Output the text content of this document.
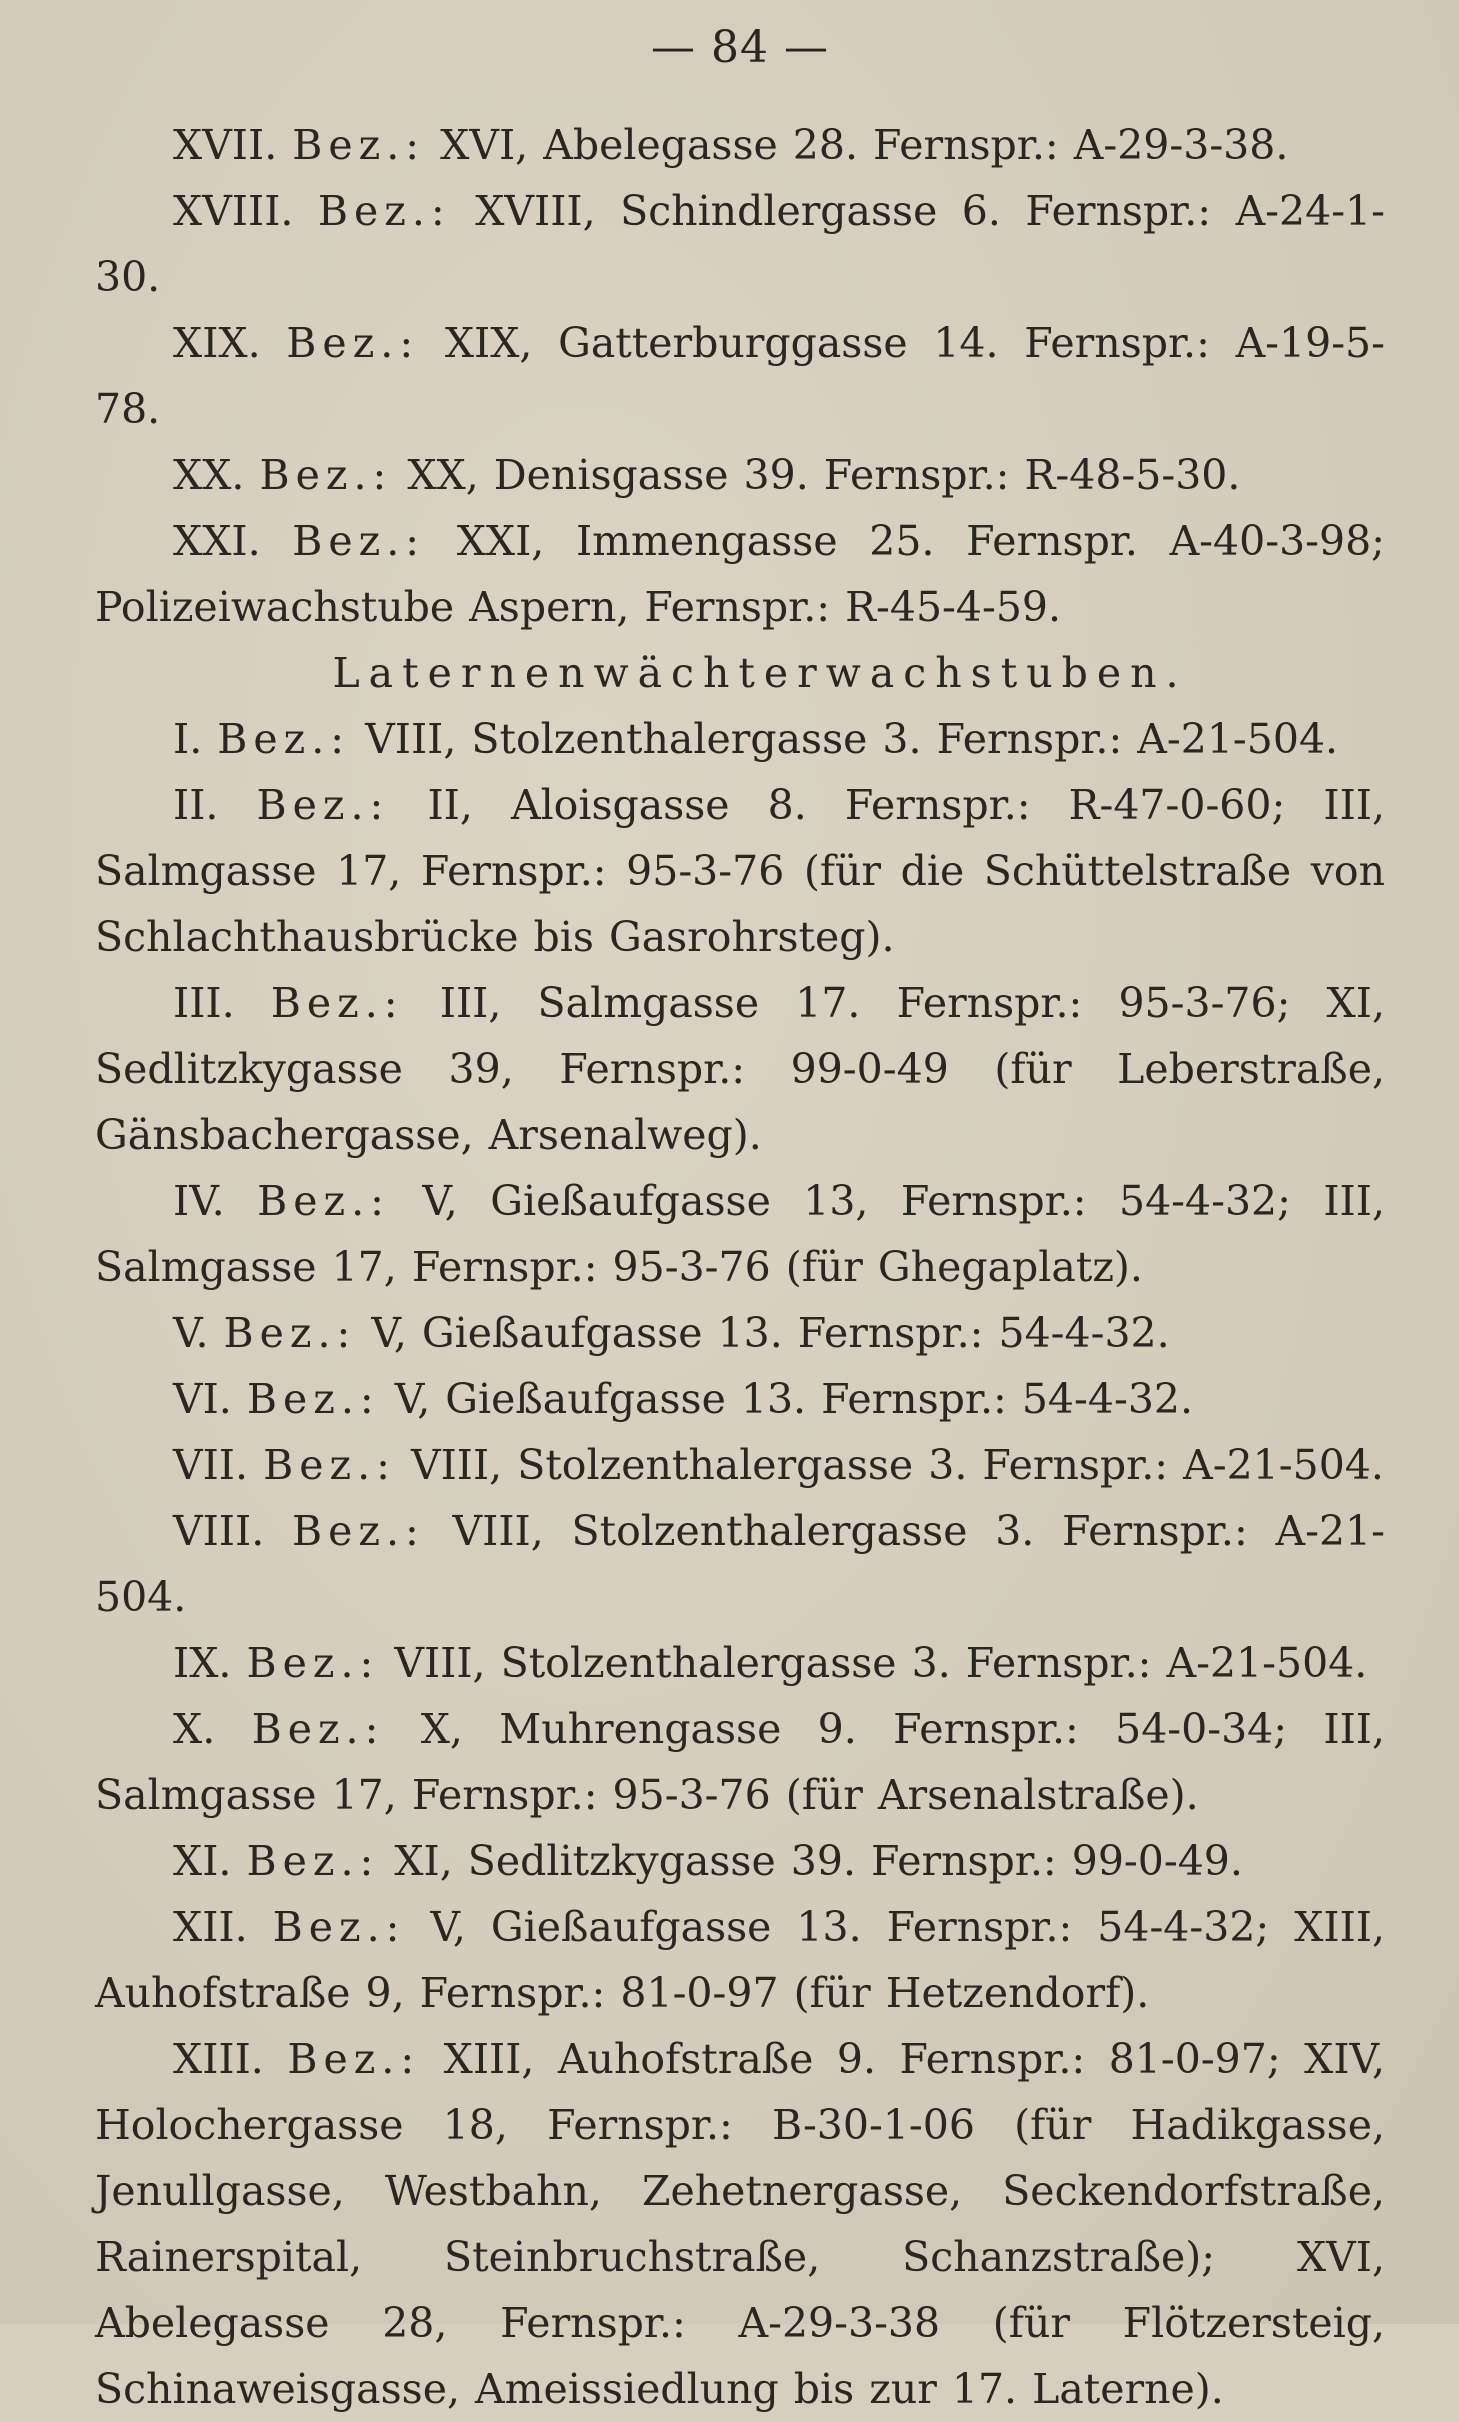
— 84 —

XVII. Bez.: XVI, Abelegasse 28. Fernspr.: A-29-3-38.

XVIII. Bez.: XVIII, Schindlergasse 6. Fernspr.: A-24-1-30.

XIX. Bez.: XIX, Gatterburggasse 14. Fernspr.: A-19-5-78.

XX. Bez.: XX, Denisgasse 39. Fernspr.: R-48-5-30.

XXI. Bez.: XXI, Immengasse 25. Fernspr. A-40-3-98; Polizeiwachstube Aspern, Fernspr.: R-45-4-59.

Laternenwächterwachstuben.

I. Bez.: VIII, Stolzenthalergasse 3. Fernspr.: A-21-504.

II. Bez.: II, Aloisgasse 8. Fernspr.: R-47-0-60; III, Salmgasse 17, Fernspr.: 95-3-76 (für die Schüttelstraße von Schlachthausbrücke bis Gasrohrsteg).

III. Bez.: III, Salmgasse 17. Fernspr.: 95-3-76; XI, Sedlitzkygasse 39, Fernspr.: 99-0-49 (für Leberstraße, Gänsbachergasse, Arsenalweg).

IV. Bez.: V, Gießaufgasse 13, Fernspr.: 54-4-32; III, Salmgasse 17, Fernspr.: 95-3-76 (für Ghegaplatz).

V. Bez.: V, Gießaufgasse 13. Fernspr.: 54-4-32.

VI. Bez.: V, Gießaufgasse 13. Fernspr.: 54-4-32.

VII. Bez.: VIII, Stolzenthalergasse 3. Fernspr.: A-21-504.

VIII. Bez.: VIII, Stolzenthalergasse 3. Fernspr.: A-21-504.

IX. Bez.: VIII, Stolzenthalergasse 3. Fernspr.: A-21-504.

X. Bez.: X, Muhrengasse 9. Fernspr.: 54-0-34; III, Salmgasse 17, Fernspr.: 95-3-76 (für Arsenalstraße).

XI. Bez.: XI, Sedlitzkygasse 39. Fernspr.: 99-0-49.

XII. Bez.: V, Gießaufgasse 13. Fernspr.: 54-4-32; XIII, Auhofstraße 9, Fernspr.: 81-0-97 (für Hetzendorf).

XIII. Bez.: XIII, Auhofstraße 9. Fernspr.: 81-0-97; XIV, Holochergasse 18, Fernspr.: B-30-1-06 (für Hadikgasse, Jenullgasse, Westbahn, Zehetnergasse, Seckendorfstraße, Rainerspital, Steinbruchstraße, Schanzstraße); XVI, Abelegasse 28, Fernspr.: A-29-3-38 (für Flötzersteig, Schinaweisgasse, Ameissiedlung bis zur 17. Laterne).
